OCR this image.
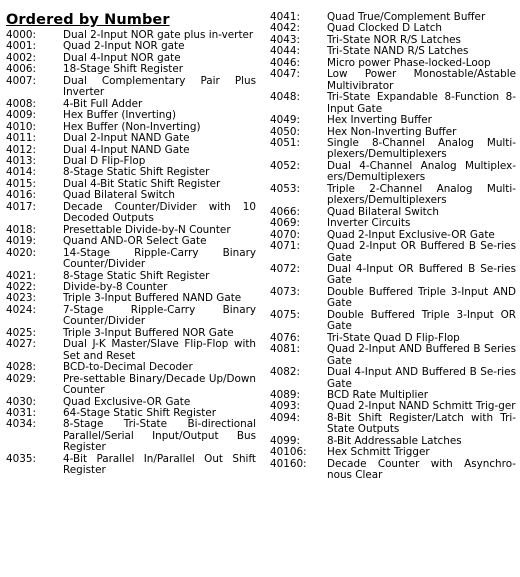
Ordered by Number
4000:	Dual 2-Input NOR gate plus in-verter
4001:	Quad 2-Input NOR gate
4002:	Dual 4-Input NOR gate
4006:	18-Stage Shift Register
4007:	Dual Complementary Pair Plus Inverter
4008:	4-Bit Full Adder
4009:	Hex Buffer (Inverting)
4010:	Hex Buffer (Non-Inverting)
4011:	Dual 2-Input NAND Gate
4012:	Dual 4-Input NAND Gate
4013:	Dual D Flip-Flop
4014:	8-Stage Static Shift Register
4015:	Dual 4-Bit Static Shift Register
4016:	Quad Bilateral Switch
4017:	Decade Counter/Divider with 10 Decoded Outputs
4018:	Presettable Divide-by-N Counter
4019:	Quand AND-OR Select Gate
4020:	14-Stage Ripple-Carry Binary Counter/Divider
4021:	8-Stage Static Shift Register
4022:	Divide-by-8 Counter
4023:	Triple 3-Input Buffered NAND Gate
4024:	7-Stage Ripple-Carry Binary Counter/Divider
4025:	Triple 3-Input Buffered NOR Gate
4027:	Dual J-K Master/Slave Flip-Flop with Set and Reset
4028:	BCD-to-Decimal Decoder
4029:	Pre-settable Binary/Decade Up/Down Counter
4030:	Quad Exclusive-OR Gate
4031:	64-Stage Static Shift Register
4034:	8-Stage Tri-State Bi-directional Parallel/Serial Input/Output Bus Register
4035:	4-Bit Parallel In/Parallel Out Shift Register
4041:	Quad True/Complement Buffer
4042:	Quad Clocked D Latch
4043:	Tri-State NOR R/S Latches
4044:	Tri-State NAND R/S Latches
4046:	Micro power Phase-locked-Loop
4047:	Low Power Monostable/Astable Multivibrator
4048:	Tri-State Expandable 8-Function 8-Input Gate
4049:	Hex Inverting Buffer
4050:	Hex Non-Inverting Buffer
4051:	Single 8-Channel Analog Multi-plexers/Demultiplexers
4052:	Dual 4-Channel Analog Multiplex-ers/Demultiplexers
4053:	Triple 2-Channel Analog Multi-plexers/Demultiplexers
4066:	Quad Bilateral Switch
4069:	Inverter Circuits
4070:	Quad 2-Input Exclusive-OR Gate
4071:	Quad 2-Input OR Buffered B Se-ries Gate
4072:	Dual 4-Input OR Buffered B Se-ries Gate
4073:	Double Buffered Triple 3-Input AND Gate
4075:	Double Buffered Triple 3-Input OR Gate
4076:	Tri-State Quad D Flip-Flop
4081:	Quad 2-Input AND Buffered B Series Gate
4082:	Dual 4-Input AND Buffered B Se-ries Gate
4089:	BCD Rate Multiplier
4093:	Quad 2-Input NAND Schmitt Trig-ger
4094:	8-Bit Shift Register/Latch with Tri-State Outputs
4099:	8-Bit Addressable Latches
40106:	Hex Schmitt Trigger
40160:	Decade Counter with Asynchro-nous Clear
